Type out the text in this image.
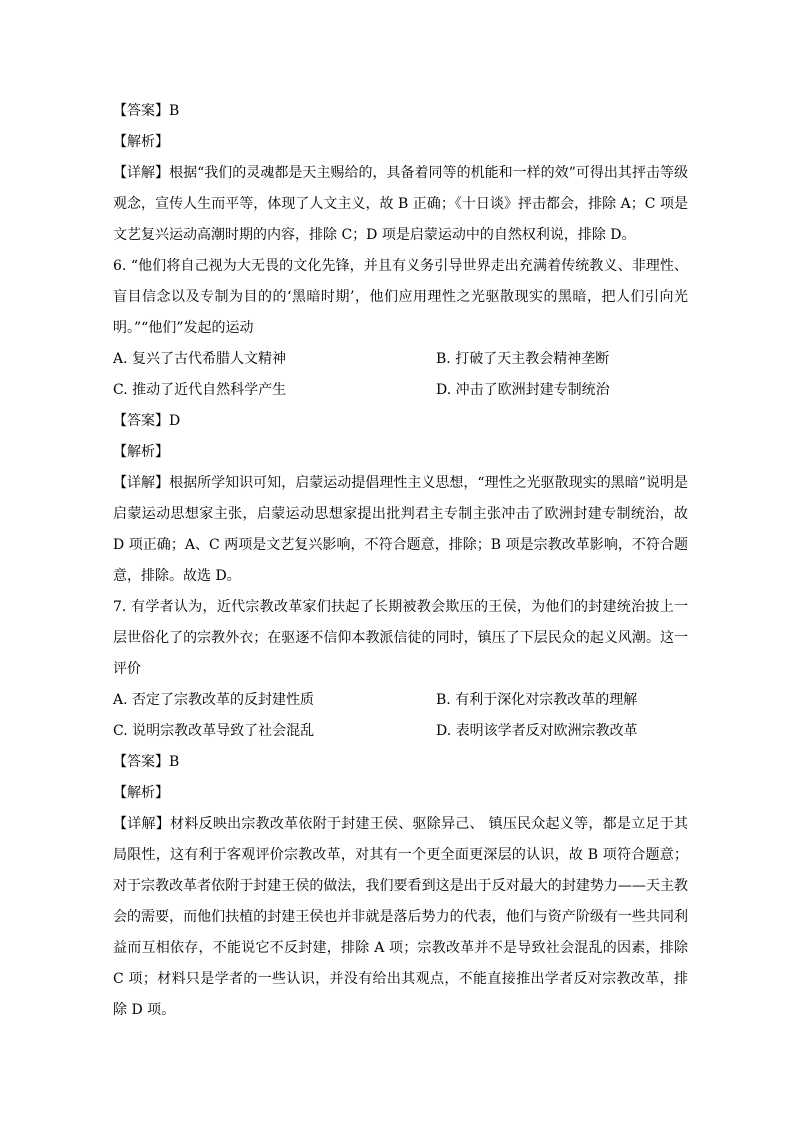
【答案】B
【解析】
【详解】根据“我们的灵魂都是天主赐给的，具备着同等的机能和一样的效”可得出其抨击等级观念，宣传人生而平等，体现了人文主义，故 B 正确；《十日谈》抨击都会，排除 A；C 项是文艺复兴运动高潮时期的内容，排除 C；D 项是启蒙运动中的自然权利说，排除 D。
6. “他们将自己视为大无畏的文化先锋，并且有义务引导世界走出充满着传统教义、非理性、盲目信念以及专制为目的的‘黑暗时期’，他们应用理性之光驱散现实的黑暗，把人们引向光明。”“他们”发起的运动
A. 复兴了古代希腊人文精神	B. 打破了天主教会精神垄断
C. 推动了近代自然科学产生	D. 冲击了欧洲封建专制统治
【答案】D
【解析】
【详解】根据所学知识可知，启蒙运动提倡理性主义思想，“理性之光驱散现实的黑暗”说明是启蒙运动思想家主张，启蒙运动思想家提出批判君主专制主张冲击了欧洲封建专制统治，故 D 项正确；A、C 两项是文艺复兴影响，不符合题意，排除；B 项是宗教改革影响，不符合题意，排除。故选 D。
7. 有学者认为，近代宗教改革家们扶起了长期被教会欺压的王侯，为他们的封建统治披上一层世俗化了的宗教外衣；在驱逐不信仰本教派信徒的同时，镇压了下层民众的起义风潮。这一评价
A. 否定了宗教改革的反封建性质	B. 有利于深化对宗教改革的理解
C. 说明宗教改革导致了社会混乱	D. 表明该学者反对欧洲宗教改革
【答案】B
【解析】
【详解】材料反映出宗教改革依附于封建王侯、驱除异己、 镇压民众起义等，都是立足于其局限性，这有利于客观评价宗教改革，对其有一个更全面更深层的认识，故 B 项符合题意；对于宗教改革者依附于封建王侯的做法，我们要看到这是出于反对最大的封建势力——天主教会的需要，而他们扶植的封建王侯也并非就是落后势力的代表，他们与资产阶级有一些共同利益而互相依存，不能说它不反封建，排除 A 项；宗教改革并不是导致社会混乱的因素，排除 C 项；材料只是学者的一些认识，并没有给出其观点，不能直接推出学者反对宗教改革，排除 D 项。
